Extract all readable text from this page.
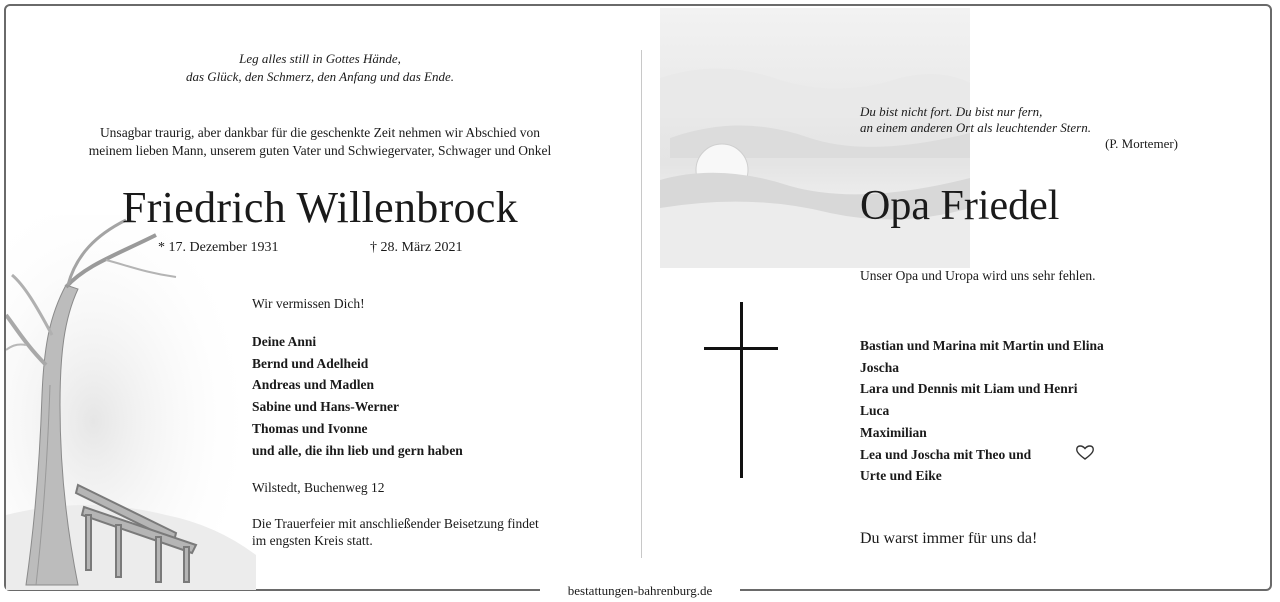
Leg alles still in Gottes Hände,
das Glück, den Schmerz, den Anfang und das Ende.
Unsagbar traurig, aber dankbar für die geschenkte Zeit nehmen wir Abschied von
meinem lieben Mann, unserem guten Vater und Schwiegervater, Schwager und Onkel
Friedrich Willenbrock
* 17. Dezember 1931	† 28. März 2021
Wir vermissen Dich!
Deine Anni
Bernd und Adelheid
Andreas und Madlen
Sabine und Hans-Werner
Thomas und Ivonne
und alle, die ihn lieb und gern haben
Wilstedt, Buchenweg 12
Die Trauerfeier mit anschließender Beisetzung findet
im engsten Kreis statt.
Du bist nicht fort. Du bist nur fern,
an einem anderen Ort als leuchtender Stern.
(P. Mortemer)
Opa Friedel
Unser Opa und Uropa wird uns sehr fehlen.
Bastian und Marina mit Martin und Elina
Joscha
Lara und Dennis mit Liam und Henri
Luca
Maximilian
Lea und Joscha mit Theo und
Urte und Eike
Du warst immer für uns da!
bestattungen-bahrenburg.de
